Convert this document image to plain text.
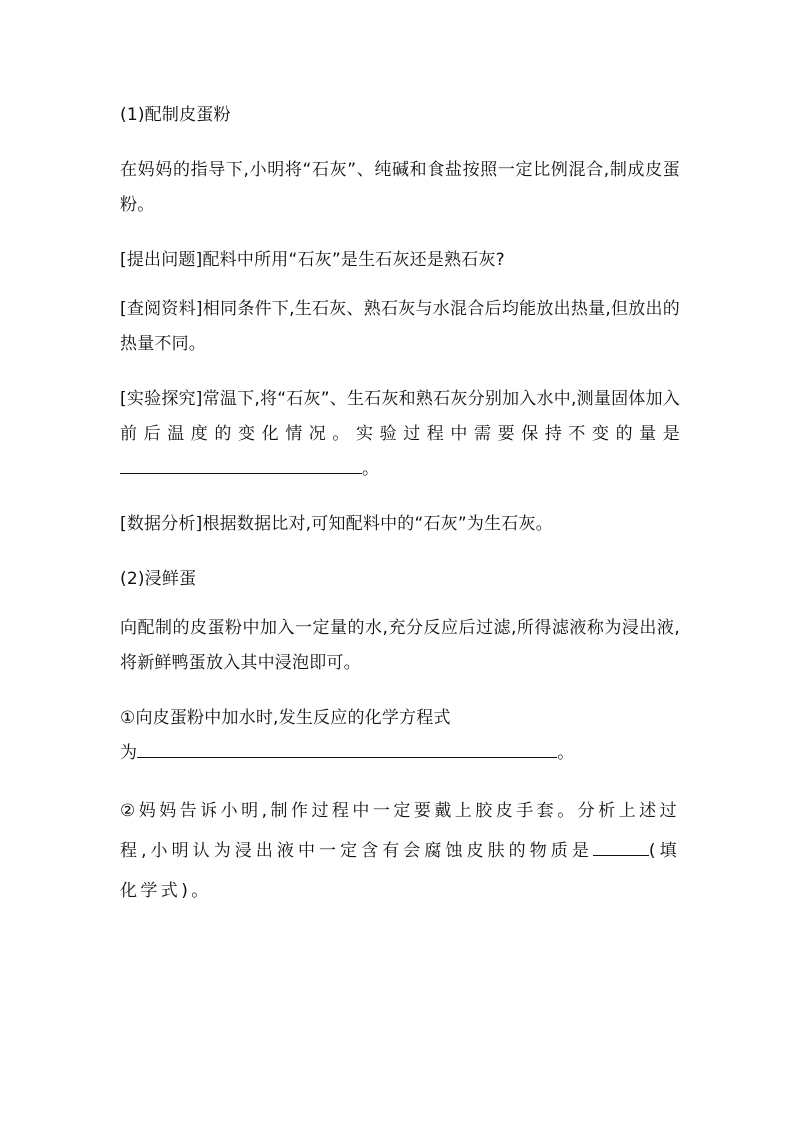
(1)配制皮蛋粉

在妈妈的指导下,小明将“石灰”、纯碱和食盐按照一定比例混合,制成皮蛋粉。

[提出问题]配料中所用“石灰”是生石灰还是熟石灰?

[查阅资料]相同条件下,生石灰、熟石灰与水混合后均能放出热量,但放出的热量不同。

[实验探究]常温下,将“石灰”、生石灰和熟石灰分别加入水中,测量固体加入前后温度的变化情况。实验过程中需要保持不变的量是。

[数据分析]根据数据比对,可知配料中的“石灰”为生石灰。

(2)浸鲜蛋

向配制的皮蛋粉中加入一定量的水,充分反应后过滤,所得滤液称为浸出液,将新鲜鸭蛋放入其中浸泡即可。

①向皮蛋粉中加水时,发生反应的化学方程式
为	。

②妈妈告诉小明,制作过程中一定要戴上胶皮手套。分析上述过程,小明认为浸出液中一定含有会腐蚀皮肤的物质是	(填化学式)。
